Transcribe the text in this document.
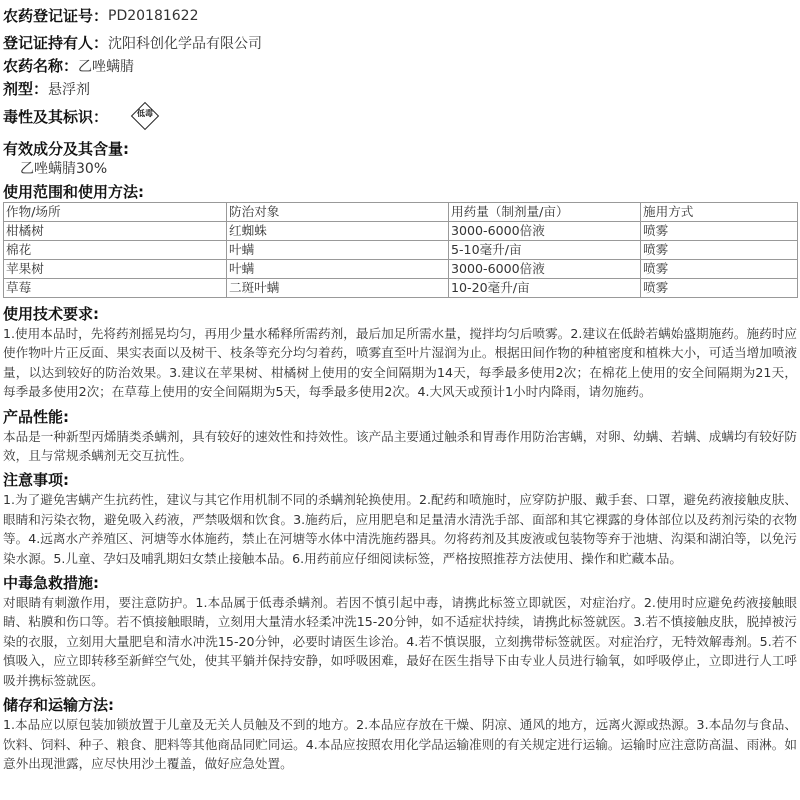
农药登记证号： PD20181622
登记证持有人： 沈阳科创化学品有限公司
农药名称： 乙唑螨腈
剂型： 悬浮剂
毒性及其标识：	低毒
有效成分及其含量:
乙唑螨腈30%
使用范围和使用方法:
作物/场所	防治对象	用药量（制剂量/亩）	施用方式
柑橘树	红蜘蛛	3000-6000倍液	喷雾
棉花	叶螨	5-10毫升/亩	喷雾
苹果树	叶螨	3000-6000倍液	喷雾
草莓	二斑叶螨	10-20毫升/亩	喷雾
使用技术要求:
1.使用本品时，先将药剂摇晃均匀，再用少量水稀释所需药剂，最后加足所需水量，搅拌均匀后喷雾。2.建议在低龄若螨始盛期施药。施药时应使作物叶片正反面、果实表面以及树干、枝条等充分均匀着药，喷雾直至叶片湿润为止。根据田间作物的种植密度和植株大小，可适当增加喷液量，以达到较好的防治效果。3.建议在苹果树、柑橘树上使用的安全间隔期为14天，每季最多使用2次；在棉花上使用的安全间隔期为21天，每季最多使用2次；在草莓上使用的安全间隔期为5天，每季最多使用2次。4.大风天或预计1小时内降雨，请勿施药。
产品性能:
本品是一种新型丙烯腈类杀螨剂，具有较好的速效性和持效性。该产品主要通过触杀和胃毒作用防治害螨，对卵、幼螨、若螨、成螨均有较好防效，且与常规杀螨剂无交互抗性。
注意事项:
1.为了避免害螨产生抗药性，建议与其它作用机制不同的杀螨剂轮换使用。2.配药和喷施时，应穿防护服、戴手套、口罩，避免药液接触皮肤、眼睛和污染衣物，避免吸入药液，严禁吸烟和饮食。3.施药后，应用肥皂和足量清水清洗手部、面部和其它裸露的身体部位以及药剂污染的衣物等。4.远离水产养殖区、河塘等水体施药，禁止在河塘等水体中清洗施药器具。勿将药剂及其废液或包装物等弃于池塘、沟渠和湖泊等，以免污染水源。5.儿童、孕妇及哺乳期妇女禁止接触本品。6.用药前应仔细阅读标签，严格按照推荐方法使用、操作和贮藏本品。
中毒急救措施:
对眼睛有刺激作用，要注意防护。1.本品属于低毒杀螨剂。若因不慎引起中毒，请携此标签立即就医，对症治疗。2.使用时应避免药液接触眼睛、粘膜和伤口等。若不慎接触眼睛，立刻用大量清水轻柔冲洗15-20分钟，如不适症状持续，请携此标签就医。3.若不慎接触皮肤，脱掉被污染的衣服，立刻用大量肥皂和清水冲洗15-20分钟，必要时请医生诊治。4.若不慎误服，立刻携带标签就医。对症治疗，无特效解毒剂。5.若不慎吸入，应立即转移至新鲜空气处，使其平躺并保持安静，如呼吸困难，最好在医生指导下由专业人员进行输氧，如呼吸停止，立即进行人工呼吸并携标签就医。
储存和运输方法:
1.本品应以原包装加锁放置于儿童及无关人员触及不到的地方。2.本品应存放在干燥、阴凉、通风的地方，远离火源或热源。3.本品勿与食品、饮料、饲料、种子、粮食、肥料等其他商品同贮同运。4.本品应按照农用化学品运输准则的有关规定进行运输。运输时应注意防高温、雨淋。如意外出现泄露，应尽快用沙土覆盖，做好应急处置。
